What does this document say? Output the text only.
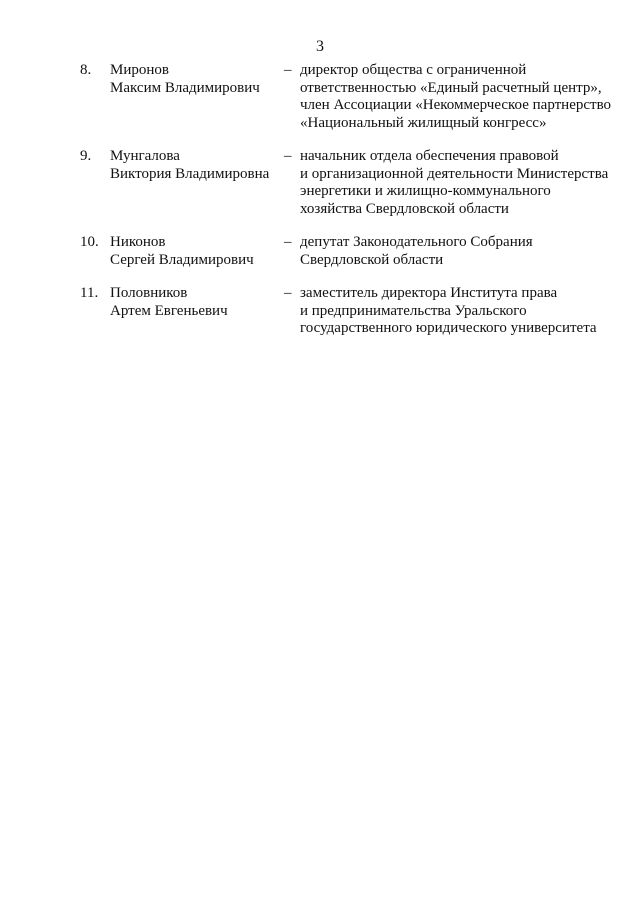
3
8. Миронов
Максим Владимирович
– директор общества с ограниченной
ответственностью «Единый расчетный центр»,
член Ассоциации «Некоммерческое партнерство
«Национальный жилищный конгресс»
9. Мунгалова
Виктория Владимировна
– начальник отдела обеспечения правовой
и организационной деятельности Министерства
энергетики и жилищно-коммунального
хозяйства Свердловской области
10. Никонов
Сергей Владимирович
– депутат Законодательного Собрания
Свердловской области
11. Половников
Артем Евгеньевич
– заместитель директора Института права
и предпринимательства Уральского
государственного юридического университета
